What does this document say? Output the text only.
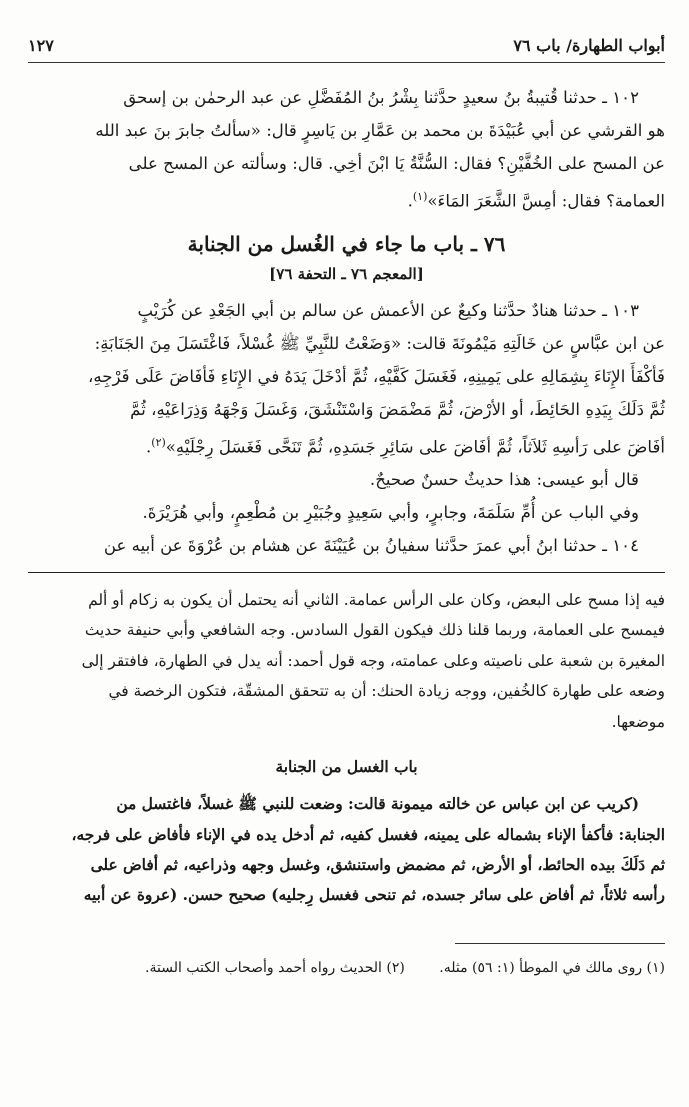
أبواب الطهارة/ باب ٧٦
١٢٧

١٠٢ ـ حدثنا قُتيبةُ بنُ سعيدٍ حدَّثنا بِشْرُ بنُ المُفَضَّلِ عن عبد الرحمٰن بن إسحق

هو القرشي عن أبي عُبَيْدَةَ بن محمد بن عَمَّارِ بن يَاسِرٍ قال: «سألتُ جابرَ بنَ عبد الله

عن المسح على الخُفَّيْنِ؟ فقال: السُّنَّةُ يَا ابْنَ أخِي. قال: وسألته عن المسح على

العمامة؟ فقال: أمِسَّ الشَّعَرَ المَاءَ»$^{(١)}$.

٧٦ ـ باب ما جاء في الغُسل من الجنابة
[المعجم ٧٦ ـ التحفة ٧٦]

١٠٣ ـ حدثنا هنادٌ حدَّثنا وكيعٌ عن الأعمش عن سالم بن أبي الجَعْدِ عن كُرَيْبٍ

عن ابن عبَّاسٍ عن خَالَتِهِ مَيْمُونَةَ قالت: «وَضَعْتُ للنَّبِيِّ ﷺ غُسْلاً، فَاغْتَسَلَ مِنَ الجَنَابَةِ:

فَأكْفَأَ الإِنَاءَ بِشِمَالِهِ على يَمِينِهِ، فَغَسَلَ كَفَّيْهِ، ثُمَّ أدْخَلَ يَدَهُ في الإِنَاءِ فَأفَاضَ عَلَى فَرْجِهِ،

ثُمَّ دَلَكَ بِيَدِهِ الحَائِطَ، أو الأرْضَ، ثُمَّ مَضْمَضَ وَاسْتَنْشَقَ، وَغَسَلَ وَجْهَهُ وَذِرَاعَيْهِ، ثُمَّ

أفَاضَ على رَأسِهِ ثَلاَثاً، ثُمَّ أفَاضَ على سَائِرِ جَسَدِهِ، ثُمَّ تَنَحَّى فَغَسَلَ رِجْلَيْهِ»$^{(٢)}$.

قال أبو عيسى: هذا حديثٌ حسنٌ صحيحٌ.

وفي الباب عن أُمِّ سَلَمَةَ، وجابرٍ، وأبي سَعِيدٍ وجُبَيْرِ بن مُطْعِمٍ، وأبي هُرَيْرَةَ.

١٠٤ ـ حدثنا ابنُ أبي عمرَ حدَّثنا سفيانُ بن عُيَيْنَةَ عن هشام بن عُرْوَةَ عن أبيه عن

فيه إذا مسح على البعض، وكان على الرأس عمامة. الثاني أنه يحتمل أن يكون به زكام أو ألم

فيمسح على العمامة، وربما قلنا ذلك فيكون القول السادس. وجه الشافعي وأبي حنيفة حديث

المغيرة بن شعبة على ناصيته وعلى عمامته، وجه قول أحمد: أنه يدل في الطهارة، فافتقر إلى

وضعه على طهارة كالخُفين، ووجه زيادة الحنك: أن به تتحقق المشقّة، فتكون الرخصة في

موضعها.

باب الغسل من الجنابة

(كريب عن ابن عباس عن خالته ميمونة قالت: وضعت للنبي ﷺ غسلاً، فاغتسل من

الجنابة: فأكفأ الإناء بشماله على يمينه، فغسل كفيه، ثم أدخل يده في الإناء فأفاض على فرجه،

ثم دَلَكَ بيده الحائط، أو الأرض، ثم مضمض واستنشق، وغسل وجهه وذراعيه، ثم أفاض على

رأسه ثلاثاً، ثم أفاض على سائر جسده، ثم تنحى فغسل رِجليه) صحيح حسن. (عروة عن أبيه

(١) روى مالك في الموطأ (١: ٥٦) مثله. (٢) الحديث رواه أحمد وأصحاب الكتب الستة.
